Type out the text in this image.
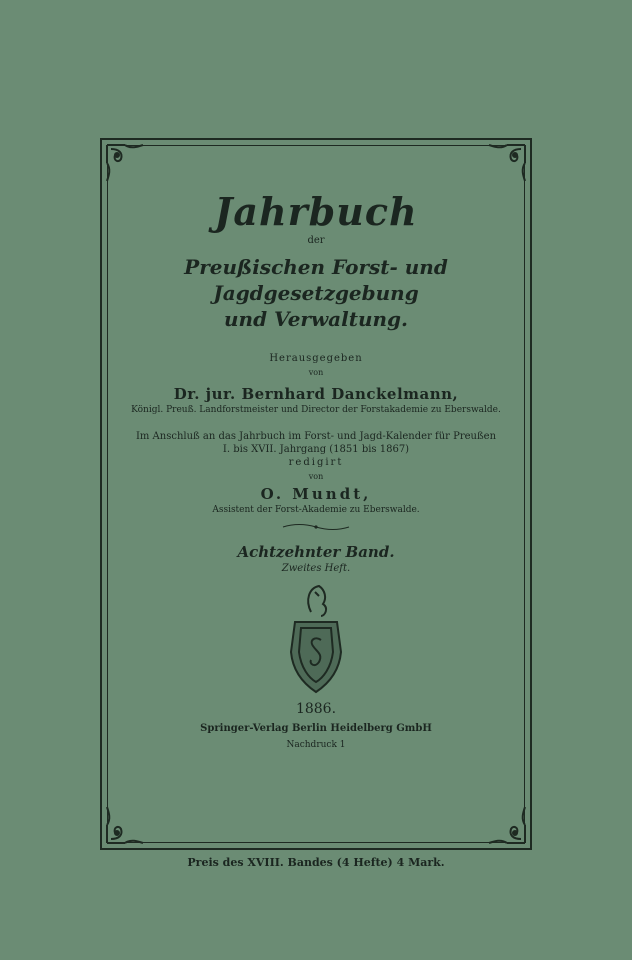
Jahrbuch

der

Preußischen Forst- und Jagdgesetzgebung

und Verwaltung.

Herausgegeben

von

Dr. jur. Bernhard Danckelmann,

Königl. Preuß. Landforstmeister und Director der Forstakademie zu Eberswalde.

Im Anschluß an das Jahrbuch im Forst- und Jagd-Kalender für Preußen

I. bis XVII. Jahrgang (1851 bis 1867)

redigirt

von

O. Mundt,

Assistent der Forst-Akademie zu Eberswalde.

Achtzehnter Band.

Zweites Heft.

1886.

Springer-Verlag Berlin Heidelberg GmbH

Nachdruck 1

Preis des XVIII. Bandes (4 Hefte) 4 Mark.
